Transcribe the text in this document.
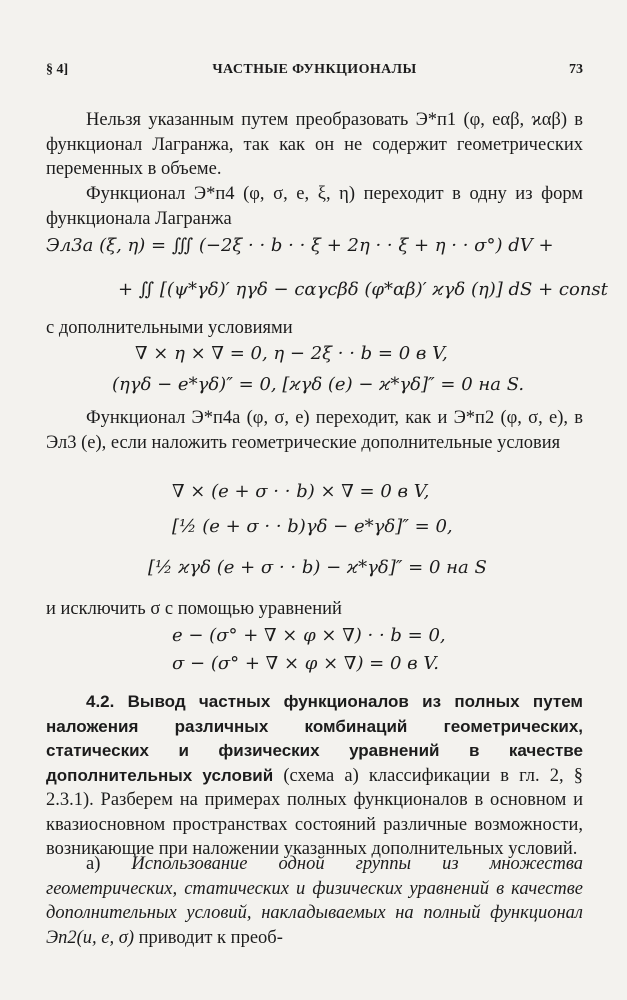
§ 4]	ЧАСТНЫЕ ФУНКЦИОНАЛЫ	73

Нельзя указанным путем преобразовать Э*п1 (φ, eαβ, ϰαβ) в функционал Лагранжа, так как он не содержит геометрических переменных в объеме.

Функционал Э*п4 (φ, σ, e, ξ, η) переходит в одну из форм функционала Лагранжа

Эл3a (ξ, η) = ∭ (−2ξ · · b · · ξ + 2η · · ξ + η · · σ°) dV +
+ ∬ [(ψ*γδ)′ ηγδ − cαγcβδ (φ*αβ)′ ϰγδ (η)] dS + const

с дополнительными условиями

∇ × η × ∇ = 0, η − 2ξ · · b = 0 в V,
(ηγδ − e*γδ)″ = 0, [ϰγδ (e) − ϰ*γδ]″ = 0 на S.

Функционал Э*п4a (φ, σ, e) переходит, как и Э*п2 (φ, σ, e), в Эл3 (e), если наложить геометрические дополнительные условия

∇ × (e + σ · · b) × ∇ = 0 в V,
[½ (e + σ · · b)γδ − e*γδ]″ = 0,
[½ ϰγδ (e + σ · · b) − ϰ*γδ]″ = 0 на S

и исключить σ с помощью уравнений

e − (σ° + ∇ × φ × ∇) · · b = 0,
σ − (σ° + ∇ × φ × ∇) = 0 в V.

4.2. Вывод частных функционалов из полных путем наложения различных комбинаций геометрических, статических и физических уравнений в качестве дополнительных условий (схема а) классификации в гл. 2, § 2.3.1). Разберем на примерах полных функционалов в основном и квазиосновном пространствах состояний различные возможности, возникающие при наложении указанных дополнительных условий.

а) Использование одной группы из множества геометрических, статических и физических уравнений в качестве дополнительных условий, накладываемых на полный функционал Эп2(u, e, σ) приводит к преоб-
